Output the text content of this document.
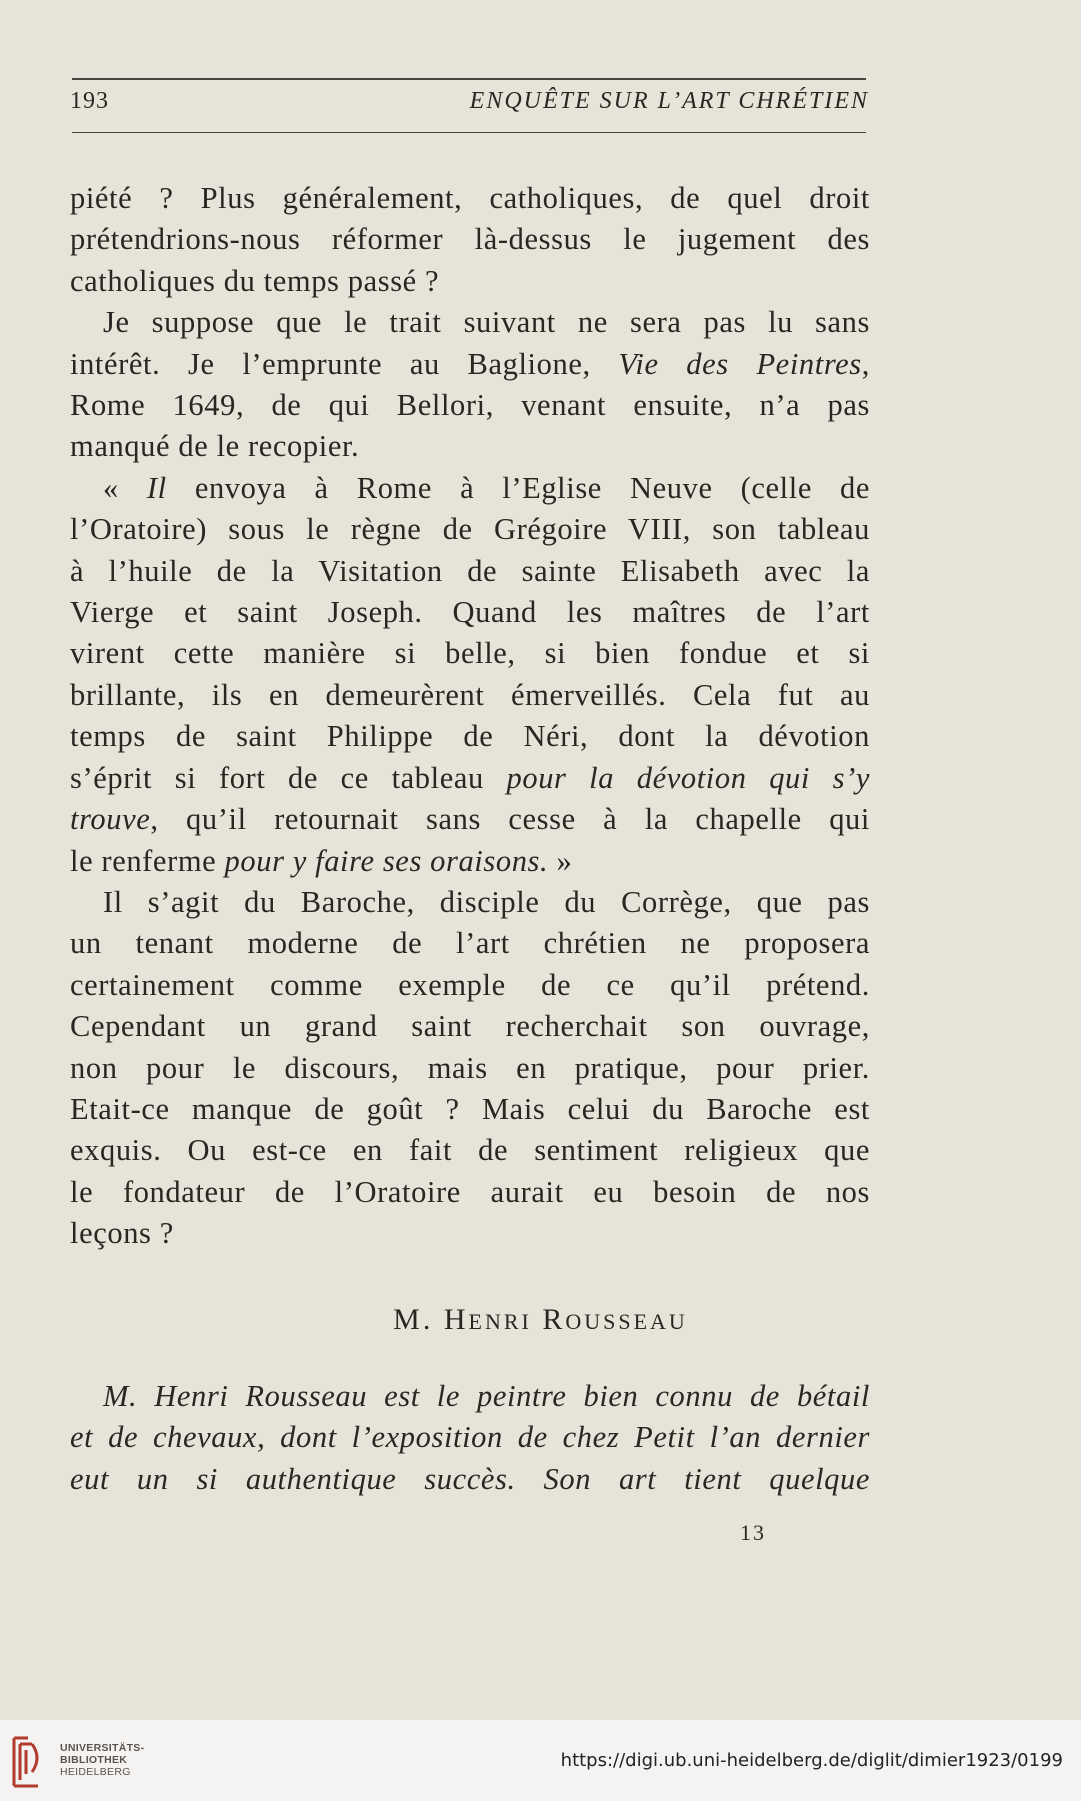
193	ENQUÊTE SUR L’ART CHRÉTIEN
piété ? Plus généralement, catholiques, de quel droit
prétendrions-nous réformer là-dessus le jugement des
catholiques du temps passé ?
Je suppose que le trait suivant ne sera pas lu sans
intérêt. Je l’emprunte au Baglione, Vie des Peintres,
Rome 1649, de qui Bellori, venant ensuite, n’a pas
manqué de le recopier.
« Il envoya à Rome à l’Eglise Neuve (celle de
l’Oratoire) sous le règne de Grégoire VIII, son tableau
à l’huile de la Visitation de sainte Elisabeth avec la
Vierge et saint Joseph. Quand les maîtres de l’art
virent cette manière si belle, si bien fondue et si
brillante, ils en demeurèrent émerveillés. Cela fut au
temps de saint Philippe de Néri, dont la dévotion
s’éprit si fort de ce tableau pour la dévotion qui s’y
trouve, qu’il retournait sans cesse à la chapelle qui
le renferme pour y faire ses oraisons. »
Il s’agit du Baroche, disciple du Corrège, que pas
un tenant moderne de l’art chrétien ne proposera
certainement comme exemple de ce qu’il prétend.
Cependant un grand saint recherchait son ouvrage,
non pour le discours, mais en pratique, pour prier.
Etait-ce manque de goût ? Mais celui du Baroche est
exquis. Ou est-ce en fait de sentiment religieux que
le fondateur de l’Oratoire aurait eu besoin de nos
leçons ?
M. HENRI ROUSSEAU
M. Henri Rousseau est le peintre bien connu de bétail
et de chevaux, dont l’exposition de chez Petit l’an dernier
eut un si authentique succès. Son art tient quelque
13
UNIVERSITÄTS-
BIBLIOTHEK
HEIDELBERG
https://digi.ub.uni-heidelberg.de/diglit/dimier1923/0199
